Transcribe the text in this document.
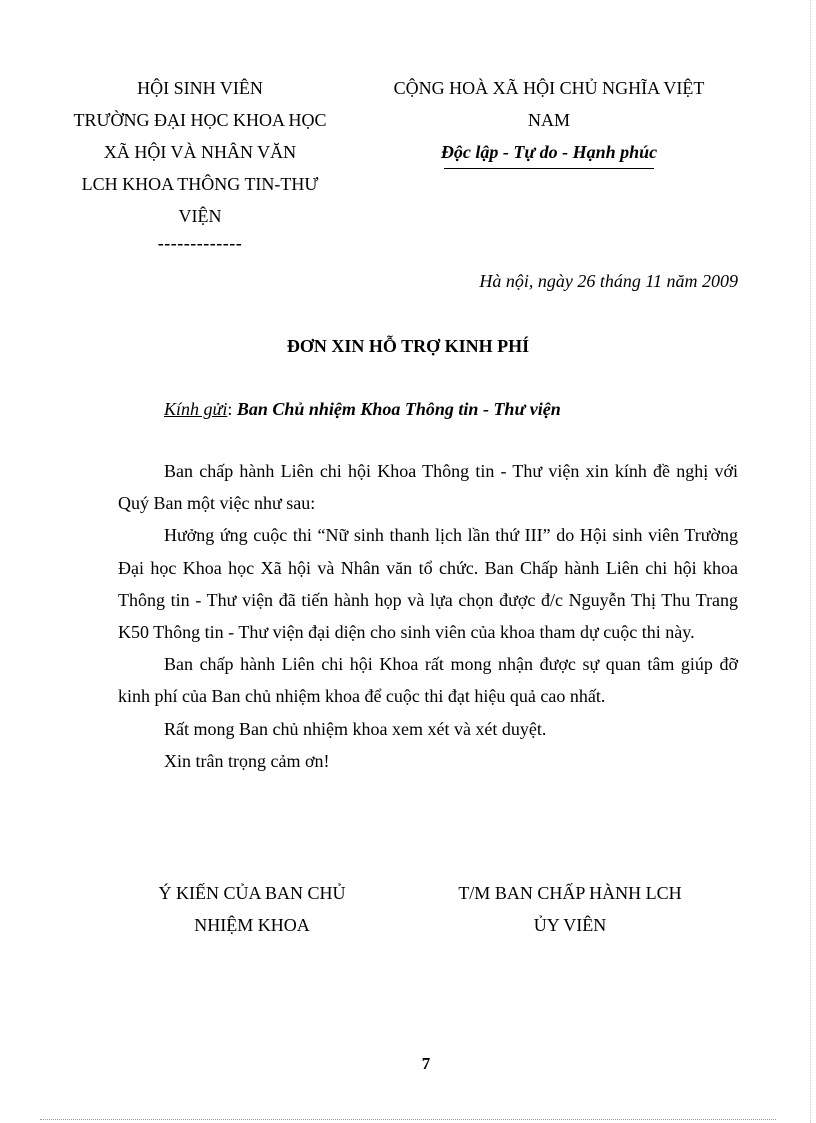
HỘI SINH VIÊN
TRƯỜNG ĐẠI HỌC KHOA HỌC
XÃ HỘI VÀ NHÂN VĂN
LCH KHOA THÔNG TIN-THƯ
VIỆN
-------------
CỘNG HOÀ XÃ HỘI CHỦ NGHĨA VIỆT
NAM
Độc lập - Tự do - Hạnh phúc
Hà nội, ngày 26 tháng 11 năm 2009
ĐƠN XIN HỖ TRỢ KINH PHÍ
Kính gửi: Ban Chủ nhiệm Khoa Thông tin - Thư viện

Ban chấp hành Liên chi hội Khoa Thông tin - Thư viện xin kính đề nghị với Quý Ban một việc như sau:

Hưởng ứng cuộc thi “Nữ sinh thanh lịch lần thứ III” do Hội sinh viên Trường Đại học Khoa học Xã hội và Nhân văn tổ chức. Ban Chấp hành Liên chi hội khoa Thông tin - Thư viện đã tiến hành họp và lựa chọn được đ/c Nguyễn Thị Thu Trang K50 Thông tin - Thư viện đại diện cho sinh viên của khoa tham dự cuộc thi này.

Ban chấp hành Liên chi hội Khoa rất mong nhận được sự quan tâm giúp đỡ kinh phí của Ban chủ nhiệm khoa để cuộc thi đạt hiệu quả cao nhất.

Rất mong Ban chủ nhiệm khoa xem xét và xét duyệt.

Xin trân trọng cảm ơn!

Ý KIẾN CỦA BAN CHỦ
NHIỆM KHOA
T/M BAN CHẤP HÀNH LCH
ỦY VIÊN
7
